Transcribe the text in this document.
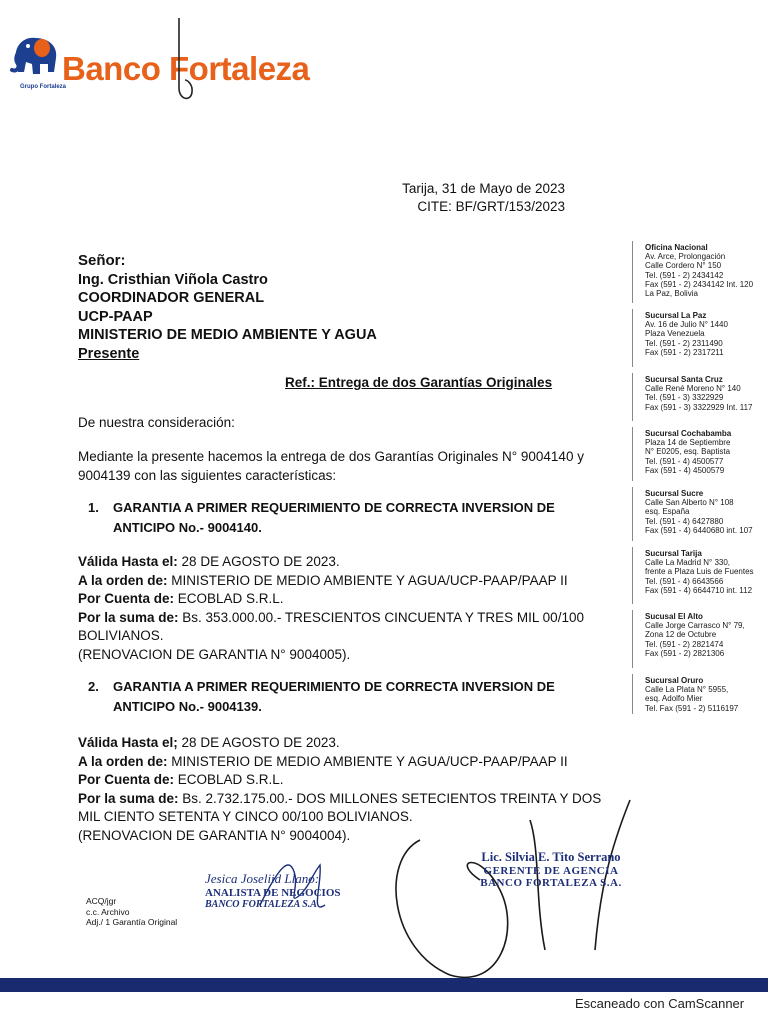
Banco Fortaleza
Grupo Fortaleza
Tarija, 31 de Mayo de 2023
CITE: BF/GRT/153/2023
Señor:
Ing. Cristhian Viñola Castro
COORDINADOR GENERAL
UCP-PAAP
MINISTERIO DE MEDIO AMBIENTE Y AGUA
Presente
Ref.: Entrega de dos Garantías Originales
De nuestra consideración:
Mediante la presente hacemos la entrega de dos Garantías Originales N° 9004140 y
9004139 con las siguientes características:
1. GARANTIA A PRIMER REQUERIMIENTO DE CORRECTA INVERSION DE
ANTICIPO No.- 9004140.
Válida Hasta el: 28 DE AGOSTO DE 2023.
A la orden de: MINISTERIO DE MEDIO AMBIENTE Y AGUA/UCP-PAAP/PAAP II
Por Cuenta de: ECOBLAD S.R.L.
Por la suma de: Bs. 353.000.00.- TRESCIENTOS CINCUENTA Y TRES MIL 00/100
BOLIVIANOS.
(RENOVACION DE GARANTIA N° 9004005).
2. GARANTIA A PRIMER REQUERIMIENTO DE CORRECTA INVERSION DE
ANTICIPO No.- 9004139.
Válida Hasta el; 28 DE AGOSTO DE 2023.
A la orden de: MINISTERIO DE MEDIO AMBIENTE Y AGUA/UCP-PAAP/PAAP II
Por Cuenta de: ECOBLAD S.R.L.
Por la suma de: Bs. 2.732.175.00.- DOS MILLONES SETECIENTOS TREINTA Y DOS
MIL CIENTO SETENTA Y CINCO 00/100 BOLIVIANOS.
(RENOVACION DE GARANTIA N° 9004004).
Oficina Nacional
Av. Arce, Prolongación
Calle Cordero N° 150
Tel. (591 - 2) 2434142
Fax (591 - 2) 2434142 Int. 120
La Paz, Bolivia
Sucursal La Paz
Av. 16 de Julio N° 1440
Plaza Venezuela
Tel. (591 - 2) 2311490
Fax (591 - 2) 2317211
Sucursal Santa Cruz
Calle René Moreno N° 140
Tel. (591 - 3) 3322929
Fax (591 - 3) 3322929 Int. 117
Sucursal Cochabamba
Plaza 14 de Septiembre
N° E0205, esq. Baptista
Tel. (591 - 4) 4500577
Fax (591 - 4) 4500579
Sucursal Sucre
Calle San Alberto N° 108
esq. España
Tel. (591 - 4) 6427880
Fax (591 - 4) 6440680 int. 107
Sucursal Tarija
Calle La Madrid N° 330,
frente a Plaza Luis de Fuentes
Tel. (591 - 4) 6643566
Fax (591 - 4) 6644710 int. 112
Sucusal El Alto
Calle Jorge Carrasco N° 79,
Zona 12 de Octubre
Tel. (591 - 2) 2821474
Fax (591 - 2) 2821306
Sucursal Oruro
Calle La Plata N° 5955,
esq. Adolfo Mier
Tel. Fax (591 - 2) 5116197
ACQ/jgr
c.c. Archivo
Adj./ 1 Garantía Original
Jesica Joseliid Llano:
ANALISTA DE NEGOCIOS
BANCO FORTALEZA S.A
Lic. Silvia E. Tito Serrano
GERENTE DE AGENCIA
BANCO FORTALEZA S.A.
Escaneado con CamScanner
